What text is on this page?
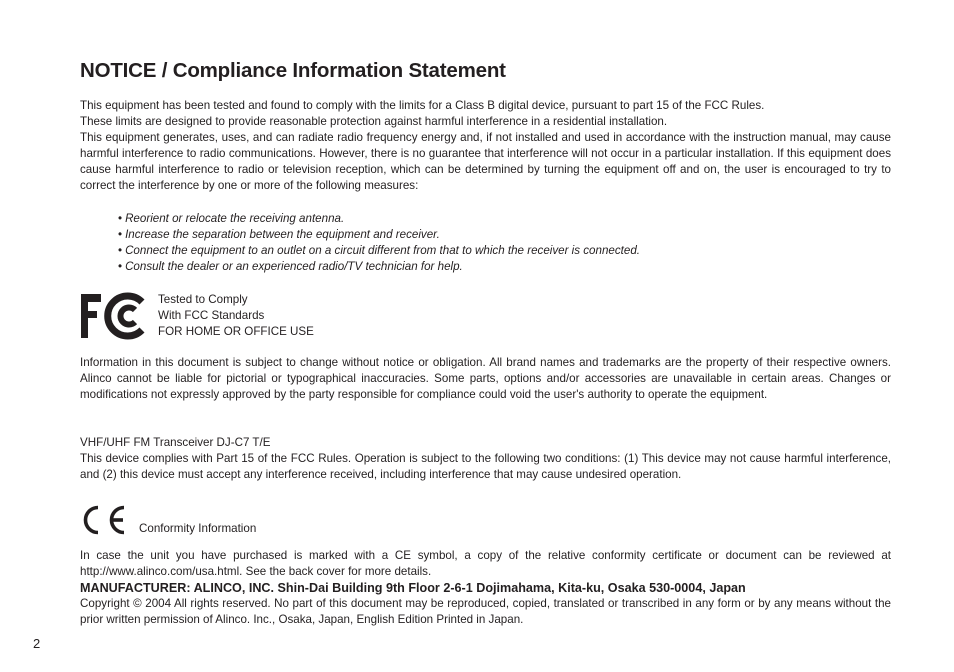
NOTICE / Compliance Information Statement
This equipment has been tested and found to comply with the limits for a Class B digital device, pursuant to part 15 of the FCC Rules.
These limits are designed to provide reasonable protection against harmful interference in a residential installation.

This equipment generates, uses, and can radiate radio frequency energy and, if not installed and used in accordance with the instruction manual, may cause harmful interference to radio communications. However, there is no guarantee that interference will not occur in a particular installation. If this equipment does cause harmful interference to radio or television reception, which can be determined by turning the equipment off and on, the user is encouraged to try to correct the interference by one or more of the following measures:

• Reorient or relocate the receiving antenna.
• Increase the separation between the equipment and receiver.
• Connect the equipment to an outlet on a circuit different from that to which the receiver is connected.
• Consult the dealer or an experienced radio/TV technician for help.
Tested to Comply
With FCC Standards
FOR HOME OR OFFICE USE

Information in this document is subject to change without notice or obligation. All brand names and trademarks are the property of their respective owners. Alinco cannot be liable for pictorial or typographical inaccuracies. Some parts, options and/or accessories are unavailable in certain areas. Changes or modifications not expressly approved by the party responsible for compliance could void the user's authority to operate the equipment.

VHF/UHF FM Transceiver DJ-C7 T/E

This device complies with Part 15 of the FCC Rules. Operation is subject to the following two conditions: (1) This device may not cause harmful interference, and (2) this device must accept any interference received, including interference that may cause undesired operation.

Conformity Information
In case the unit you have purchased is marked with a CE symbol, a copy of the relative conformity certificate or document can be reviewed at
http://www.alinco.com/usa.html. See the back cover for more details.
MANUFACTURER: ALINCO, INC. Shin-Dai Building 9th Floor 2-6-1 Dojimahama, Kita-ku, Osaka 530-0004, Japan

Copyright © 2004 All rights reserved. No part of this document may be reproduced, copied, translated or transcribed in any form or by any means without the prior written permission of Alinco. Inc., Osaka, Japan, English Edition Printed in Japan.

2
